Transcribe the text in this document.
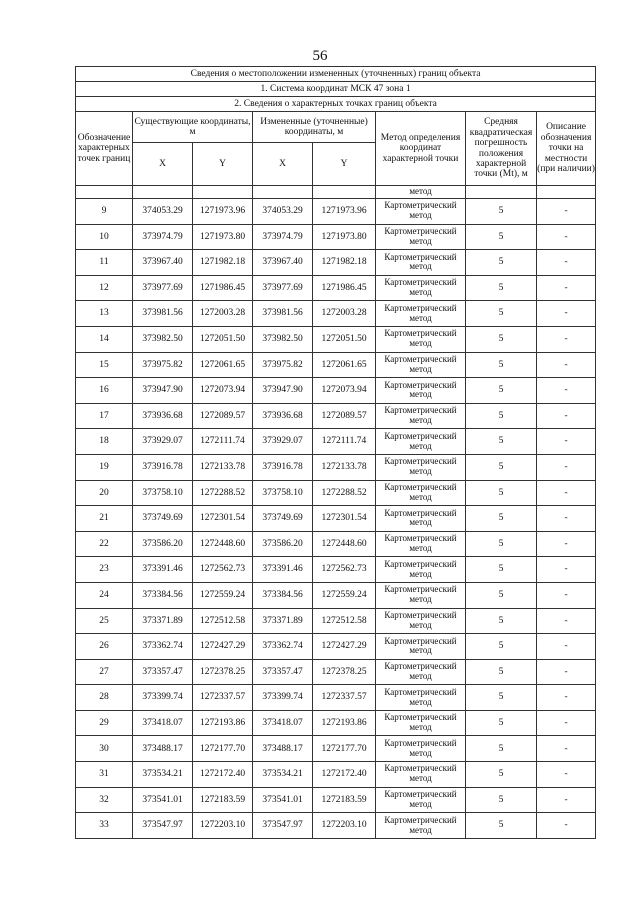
56
Сведения о местоположении измененных (уточненных) границ объекта							
1. Система координат МСК 47 зона 1							
2. Сведения о характерных точках границ объекта							
Обозначение характерных точек границ	Существующие координаты, м		Измененные (уточненные) координаты, м		Метод определения координат характерной точки	Средняя квадратическая погрешность положения характерной точки (Mt), м	Описание обозначения точки на местности (при наличии)
	X	Y	X	Y			
					метод		
9	374053.29	1271973.96	374053.29	1271973.96	Картометрический метод	5	-
10	373974.79	1271973.80	373974.79	1271973.80	Картометрический метод	5	-
11	373967.40	1271982.18	373967.40	1271982.18	Картометрический метод	5	-
12	373977.69	1271986.45	373977.69	1271986.45	Картометрический метод	5	-
13	373981.56	1272003.28	373981.56	1272003.28	Картометрический метод	5	-
14	373982.50	1272051.50	373982.50	1272051.50	Картометрический метод	5	-
15	373975.82	1272061.65	373975.82	1272061.65	Картометрический метод	5	-
16	373947.90	1272073.94	373947.90	1272073.94	Картометрический метод	5	-
17	373936.68	1272089.57	373936.68	1272089.57	Картометрический метод	5	-
18	373929.07	1272111.74	373929.07	1272111.74	Картометрический метод	5	-
19	373916.78	1272133.78	373916.78	1272133.78	Картометрический метод	5	-
20	373758.10	1272288.52	373758.10	1272288.52	Картометрический метод	5	-
21	373749.69	1272301.54	373749.69	1272301.54	Картометрический метод	5	-
22	373586.20	1272448.60	373586.20	1272448.60	Картометрический метод	5	-
23	373391.46	1272562.73	373391.46	1272562.73	Картометрический метод	5	-
24	373384.56	1272559.24	373384.56	1272559.24	Картометрический метод	5	-
25	373371.89	1272512.58	373371.89	1272512.58	Картометрический метод	5	-
26	373362.74	1272427.29	373362.74	1272427.29	Картометрический метод	5	-
27	373357.47	1272378.25	373357.47	1272378.25	Картометрический метод	5	-
28	373399.74	1272337.57	373399.74	1272337.57	Картометрический метод	5	-
29	373418.07	1272193.86	373418.07	1272193.86	Картометрический метод	5	-
30	373488.17	1272177.70	373488.17	1272177.70	Картометрический метод	5	-
31	373534.21	1272172.40	373534.21	1272172.40	Картометрический метод	5	-
32	373541.01	1272183.59	373541.01	1272183.59	Картометрический метод	5	-
33	373547.97	1272203.10	373547.97	1272203.10	Картометрический метод	5	-
